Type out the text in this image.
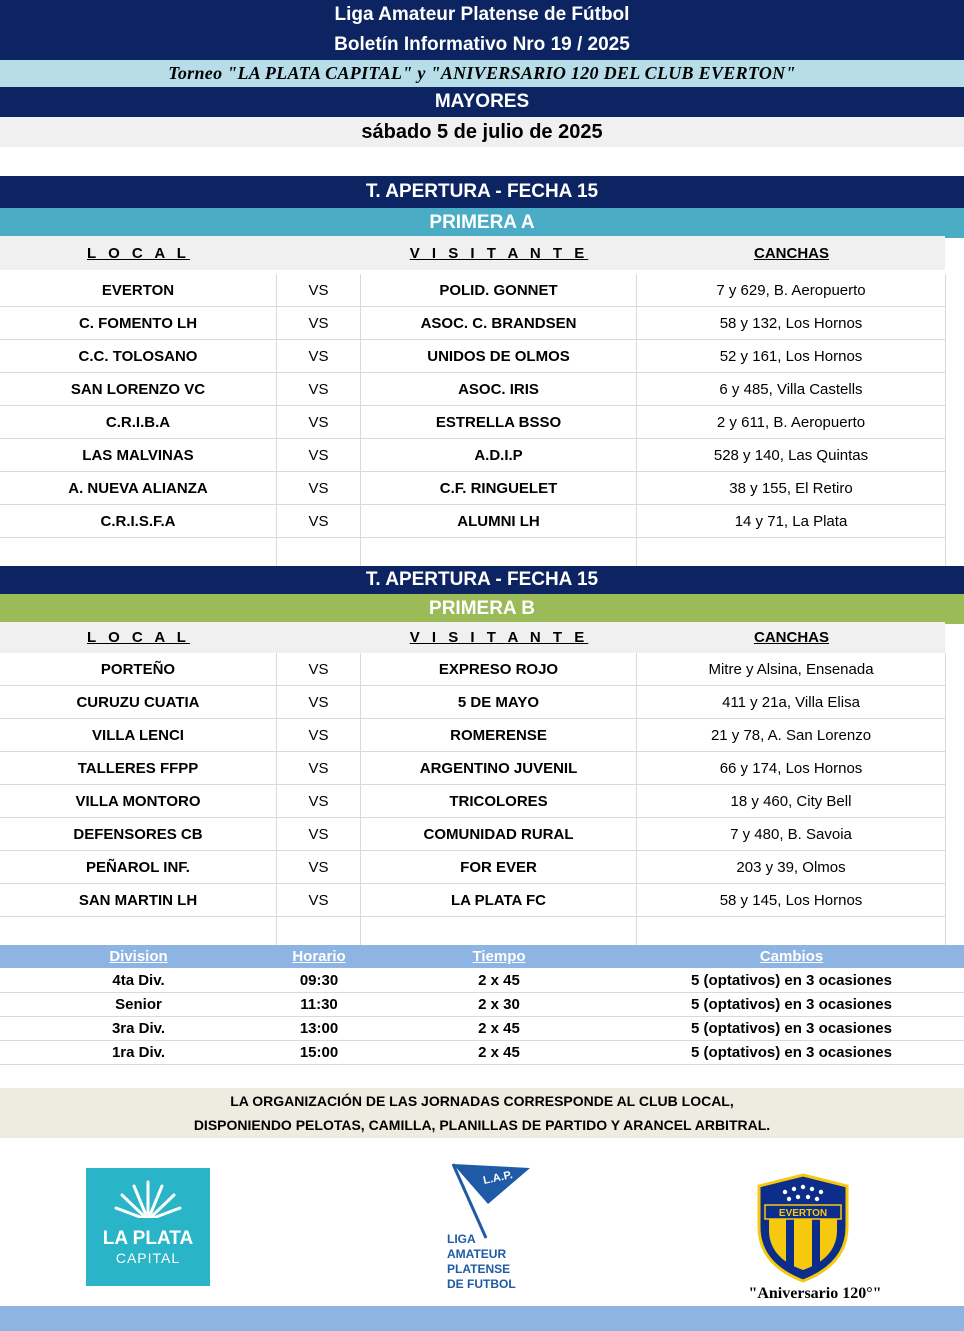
Liga Amateur Platense de Fútbol
Boletín Informativo Nro 19 / 2025
Torneo "LA PLATA CAPITAL" y "ANIVERSARIO 120 DEL CLUB EVERTON"
MAYORES
sábado 5 de julio de 2025
T. APERTURA - FECHA 15
PRIMERA A
L O C A L	V I S I T A N T E	CANCHAS
EVERTON	VS	POLID. GONNET	7 y 629, B. Aeropuerto
C. FOMENTO LH	VS	ASOC. C. BRANDSEN	58 y 132, Los Hornos
C.C. TOLOSANO	VS	UNIDOS DE OLMOS	52 y 161, Los Hornos
SAN LORENZO VC	VS	ASOC. IRIS	6 y 485, Villa Castells
C.R.I.B.A	VS	ESTRELLA BSSO	2 y 611, B. Aeropuerto
LAS MALVINAS	VS	A.D.I.P	528 y 140, Las Quintas
A. NUEVA ALIANZA	VS	C.F. RINGUELET	38 y 155, El Retiro
C.R.I.S.F.A	VS	ALUMNI LH	14 y 71, La Plata
T. APERTURA - FECHA 15
PRIMERA B
L O C A L	V I S I T A N T E	CANCHAS
PORTEÑO	VS	EXPRESO ROJO	Mitre y Alsina, Ensenada
CURUZU CUATIA	VS	5 DE MAYO	411 y 21a, Villa Elisa
VILLA LENCI	VS	ROMERENSE	21 y 78, A. San Lorenzo
TALLERES FFPP	VS	ARGENTINO JUVENIL	66 y 174, Los Hornos
VILLA MONTORO	VS	TRICOLORES	18 y 460, City Bell
DEFENSORES CB	VS	COMUNIDAD RURAL	7 y 480, B. Savoia
PEÑAROL INF.	VS	FOR EVER	203 y 39, Olmos
SAN MARTIN LH	VS	LA PLATA FC	58 y 145, Los Hornos
Division	Horario	Tiempo	Cambios
4ta Div.	09:30	2 x 45	5 (optativos) en 3 ocasiones
Senior	11:30	2 x 30	5 (optativos) en 3 ocasiones
3ra Div.	13:00	2 x 45	5 (optativos) en 3 ocasiones
1ra Div.	15:00	2 x 45	5 (optativos) en 3 ocasiones
LA ORGANIZACIÓN DE LAS JORNADAS CORRESPONDE AL CLUB LOCAL,
DISPONIENDO PELOTAS, CAMILLA, PLANILLAS DE PARTIDO Y ARANCEL ARBITRAL.
LA PLATA
CAPITAL
L.A.P.
LIGA
AMATEUR
PLATENSE
DE FUTBOL
EVERTON
"Aniversario 120°"
